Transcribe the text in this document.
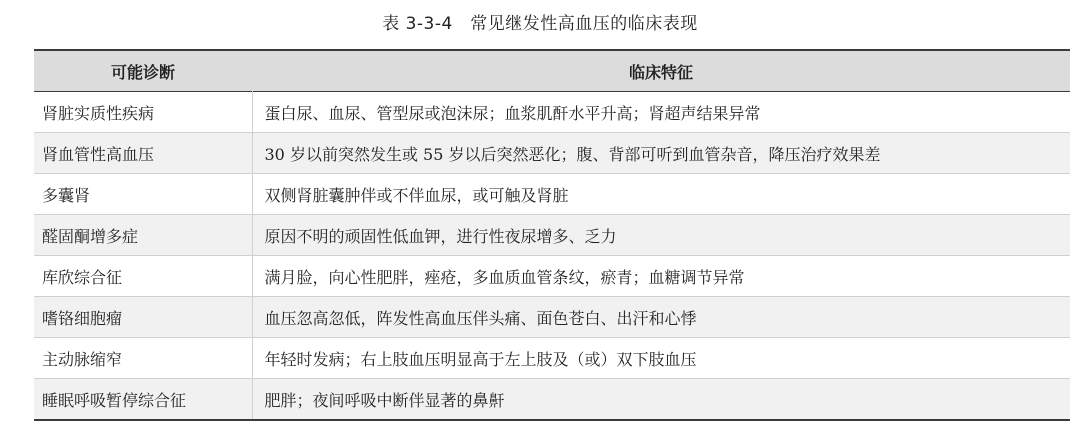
表 3-3-4　常见继发性高血压的临床表现
可能诊断	临床特征
肾脏实质性疾病	蛋白尿、血尿、管型尿或泡沫尿；血浆肌酐水平升高；肾超声结果异常
肾血管性高血压	30 岁以前突然发生或 55 岁以后突然恶化；腹、背部可听到血管杂音，降压治疗效果差
多囊肾	双侧肾脏囊肿伴或不伴血尿，或可触及肾脏
醛固酮增多症	原因不明的顽固性低血钾，进行性夜尿增多、乏力
库欣综合征	满月脸，向心性肥胖，痤疮，多血质血管条纹，瘀青；血糖调节异常
嗜铬细胞瘤	血压忽高忽低，阵发性高血压伴头痛、面色苍白、出汗和心悸
主动脉缩窄	年轻时发病；右上肢血压明显高于左上肢及（或）双下肢血压
睡眠呼吸暂停综合征	肥胖；夜间呼吸中断伴显著的鼻鼾
